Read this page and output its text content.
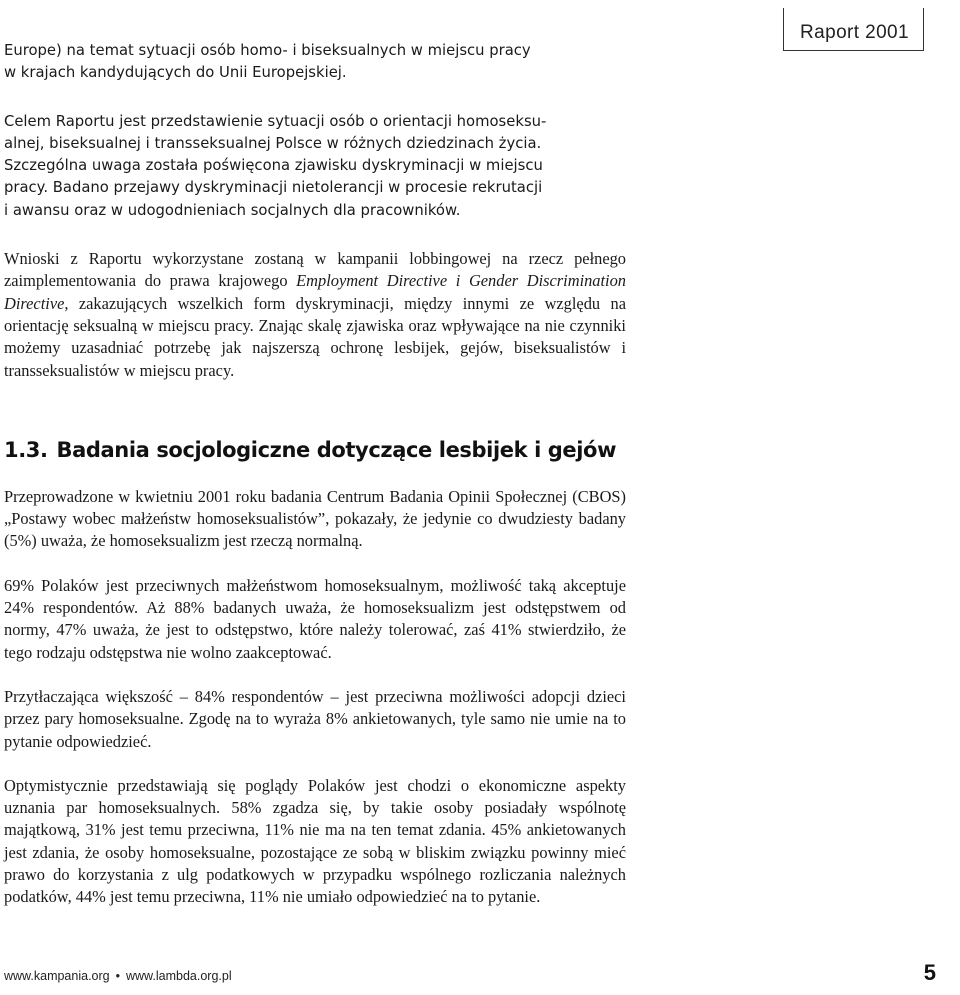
Raport 2001

Europe) na temat sytuacji osób homo- i biseksualnych w miejscu pracy
w krajach kandydujących do Unii Europejskiej.

Celem Raportu jest przedstawienie sytuacji osób o orientacji homoseksu-
alnej, biseksualnej i transseksualnej Polsce w różnych dziedzinach życia.
Szczególna uwaga została poświęcona zjawisku dyskryminacji w miejscu
pracy. Badano przejawy dyskryminacji nietolerancji w procesie rekrutacji
i awansu oraz w udogodnieniach socjalnych dla pracowników.

Wnioski z Raportu wykorzystane zostaną w kampanii lobbingowej na rzecz pełnego zaimplementowania do prawa krajowego Employment Directive i Gender Discrimination Directive, zakazujących wszelkich form dyskryminacji, między innymi ze względu na orientację seksualną w miejscu pracy. Znając skalę zjawiska oraz wpływające na nie czynniki możemy uzasadniać potrzebę jak najszerszą ochronę lesbijek, gejów, biseksualistów i transseksualistów w miejscu pracy.

1.3. Badania socjologiczne dotyczące lesbijek i gejów

Przeprowadzone w kwietniu 2001 roku badania Centrum Badania Opinii Społecznej (CBOS) „Postawy wobec małżeństw homoseksualistów”, pokazały, że jedynie co dwudziesty badany (5%) uważa, że homoseksualizm jest rzeczą normalną.

69% Polaków jest przeciwnych małżeństwom homoseksualnym, możliwość taką akceptuje 24% respondentów. Aż 88% badanych uważa, że homoseksualizm jest odstępstwem od normy, 47% uważa, że jest to odstępstwo, które należy tolerować, zaś 41% stwierdziło, że tego rodzaju odstępstwa nie wolno zaakceptować.

Przytłaczająca większość – 84% respondentów – jest przeciwna możliwości adopcji dzieci przez pary homoseksualne. Zgodę na to wyraża 8% ankietowanych, tyle samo nie umie na to pytanie odpowiedzieć.

Optymistycznie przedstawiają się poglądy Polaków jest chodzi o ekonomiczne aspekty uznania par homoseksualnych. 58% zgadza się, by takie osoby posiadały wspólnotę majątkową, 31% jest temu przeciwna, 11% nie ma na ten temat zdania. 45% ankietowanych jest zdania, że osoby homoseksualne, pozostające ze sobą w bliskim związku powinny mieć prawo do korzystania z ulg podatkowych w przypadku wspólnego rozliczania należnych podatków, 44% jest temu przeciwna, 11% nie umiało odpowiedzieć na to pytanie.

www.kampania.org • www.lambda.org.pl	5
